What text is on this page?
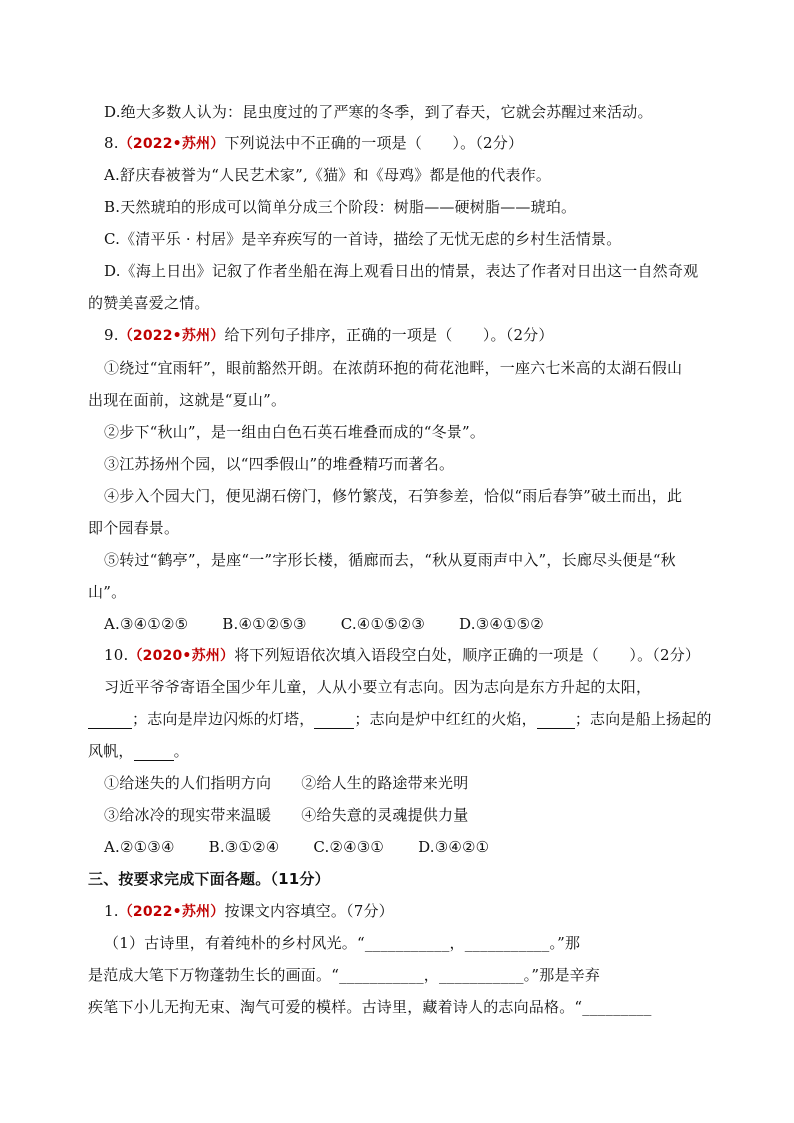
D.绝大多数人认为：昆虫度过的了严寒的冬季，到了春天，它就会苏醒过来活动。
8.（2022•苏州）下列说法中不正确的一项是（　　）。（2分）
A.舒庆春被誉为“人民艺术家”,《猫》和《母鸡》都是他的代表作。
B.天然琥珀的形成可以简单分成三个阶段：树脂——硬树脂——琥珀。
C.《清平乐 · 村居》是辛弃疾写的一首诗，描绘了无忧无虑的乡村生活情景。
D.《海上日出》记叙了作者坐船在海上观看日出的情景，表达了作者对日出这一自然奇观
的赞美喜爱之情。
9.（2022•苏州）给下列句子排序，正确的一项是（　　）。（2分）
①绕过“宜雨轩”，眼前豁然开朗。在浓荫环抱的荷花池畔，一座六七米高的太湖石假山
出现在面前，这就是“夏山”。
②步下“秋山”，是一组由白色石英石堆叠而成的“冬景”。
③江苏扬州个园，以“四季假山”的堆叠精巧而著名。
④步入个园大门，便见湖石傍门，修竹繁茂，石笋参差，恰似“雨后春笋”破土而出，此
即个园春景。
⑤转过“鹤亭”，是座“一”字形长楼，循廊而去，“秋从夏雨声中入”，长廊尽头便是“秋
山”。
A.③④①②⑤ B.④①②⑤③ C.④①⑤②③ D.③④①⑤②
10.（2020•苏州）将下列短语依次填入语段空白处，顺序正确的一项是（　　）。（2分）
习近平爷爷寄语全国少年儿童，人从小要立有志向。因为志向是东方升起的太阳，
；志向是岸边闪烁的灯塔，	；志向是炉中红红的火焰，	；志向是船上扬起的
风帆，	。
①给迷失的人们指明方向 ②给人生的路途带来光明
③给冰冷的现实带来温暖 ④给失意的灵魂提供力量
A.②①③④ B.③①②④ C.②④③① D.③④②①
三、按要求完成下面各题。（11分）
1.（2022•苏州）按课文内容填空。（7分）
（1）古诗里，有着纯朴的乡村风光。“___________，___________。”那
是范成大笔下万物蓬勃生长的画面。“___________，___________。”那是辛弃
疾笔下小儿无拘无束、淘气可爱的模样。古诗里，藏着诗人的志向品格。“_________
